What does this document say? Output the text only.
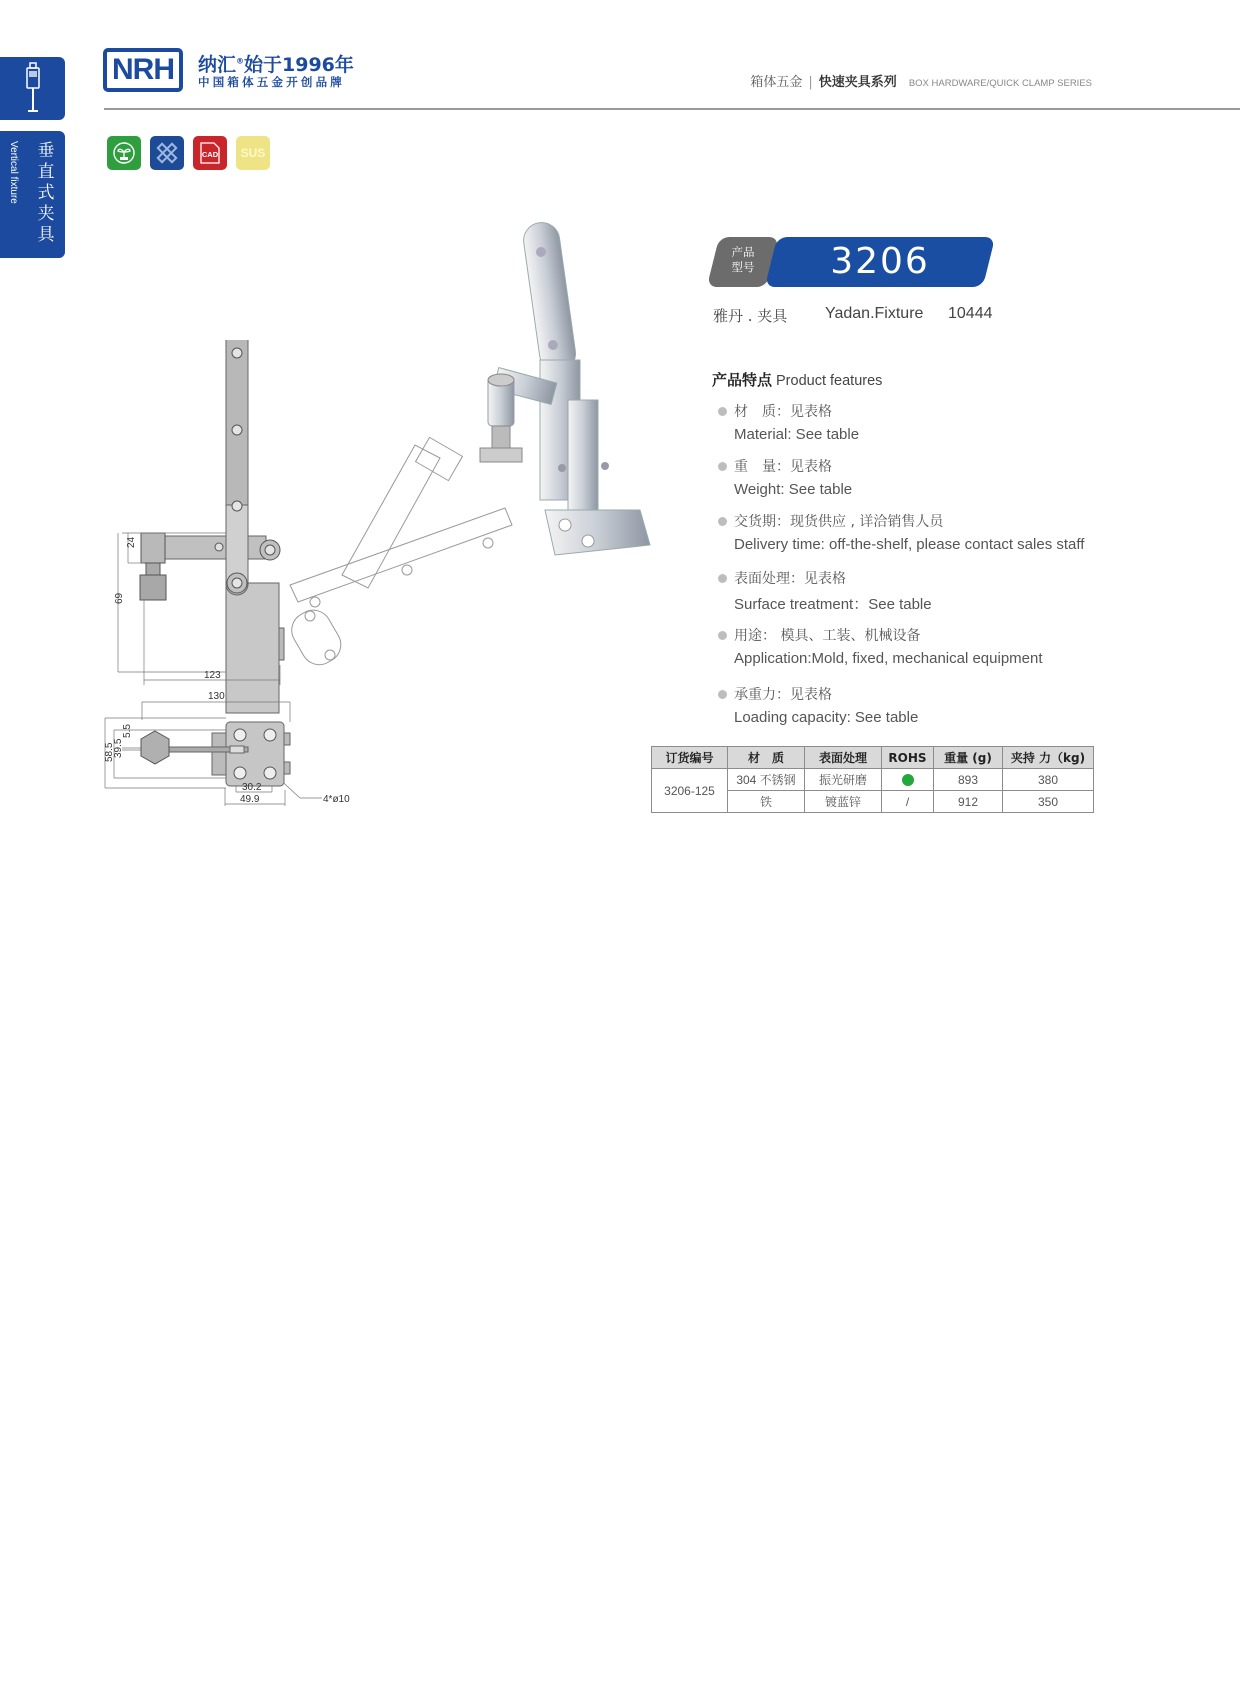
垂
直
式
夹
具
Vertical fixture
NRH 纳汇®始于1996年
中国箱体五金开创品牌	箱体五金 | 快速夹具系列 BOX HARDWARE/QUICK CLAMP SERIES
CAD	SUS
24
69
123
130
58.5
39.5
5.5
30.2
49.9	4*ø10
产品
型号	3206
雅丹 . 夹具	Yadan.Fixture	10444
产品特点 Product features
材　质：见表格
Material: See table
重　量：见表格
Weight: See table
交货期：现货供应 , 详洽销售人员
Delivery time: off-the-shelf, please contact sales staff
表面处理：见表格
Surface treatment：See table
用途： 模具、工装、机械设备
Application:Mold, fixed, mechanical equipment
承重力：见表格
Loading capacity: See table
订货编号	材　质	表面处理	ROHS	重量 (g)	夹持 力（kg)
3206-125	304 不锈钢	振光研磨		893	380
	铁	镀蓝锌	/	912	350
